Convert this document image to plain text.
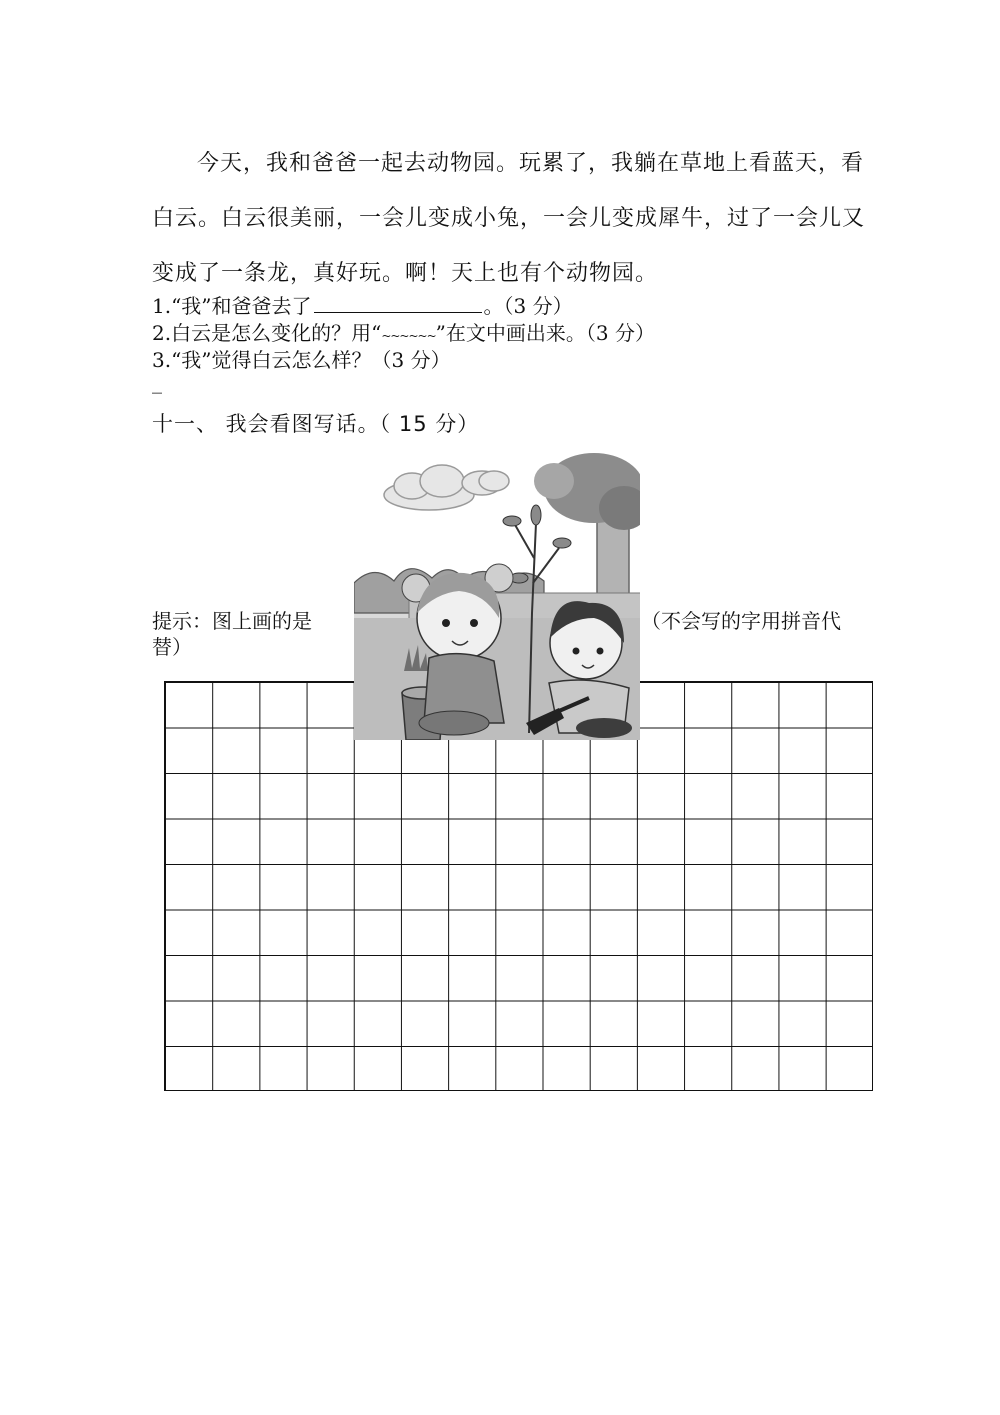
今天，我和爸爸一起去动物园。玩累了，我躺在草地上看蓝天，看
白云。白云很美丽，一会儿变成小兔，一会儿变成犀牛，过了一会儿又
变成了一条龙，真好玩。啊！天上也有个动物园。
1.“我”和爸爸去了	。（3 分）
2.白云是怎么变化的？用“~~~~~~”在文中画出来。（3 分）
3.“我”觉得白云怎么样？（3 分）
_
十一、 我会看图写话。（ 15 分）
提示：图上画的是	（不会写的字用拼音代
替）
